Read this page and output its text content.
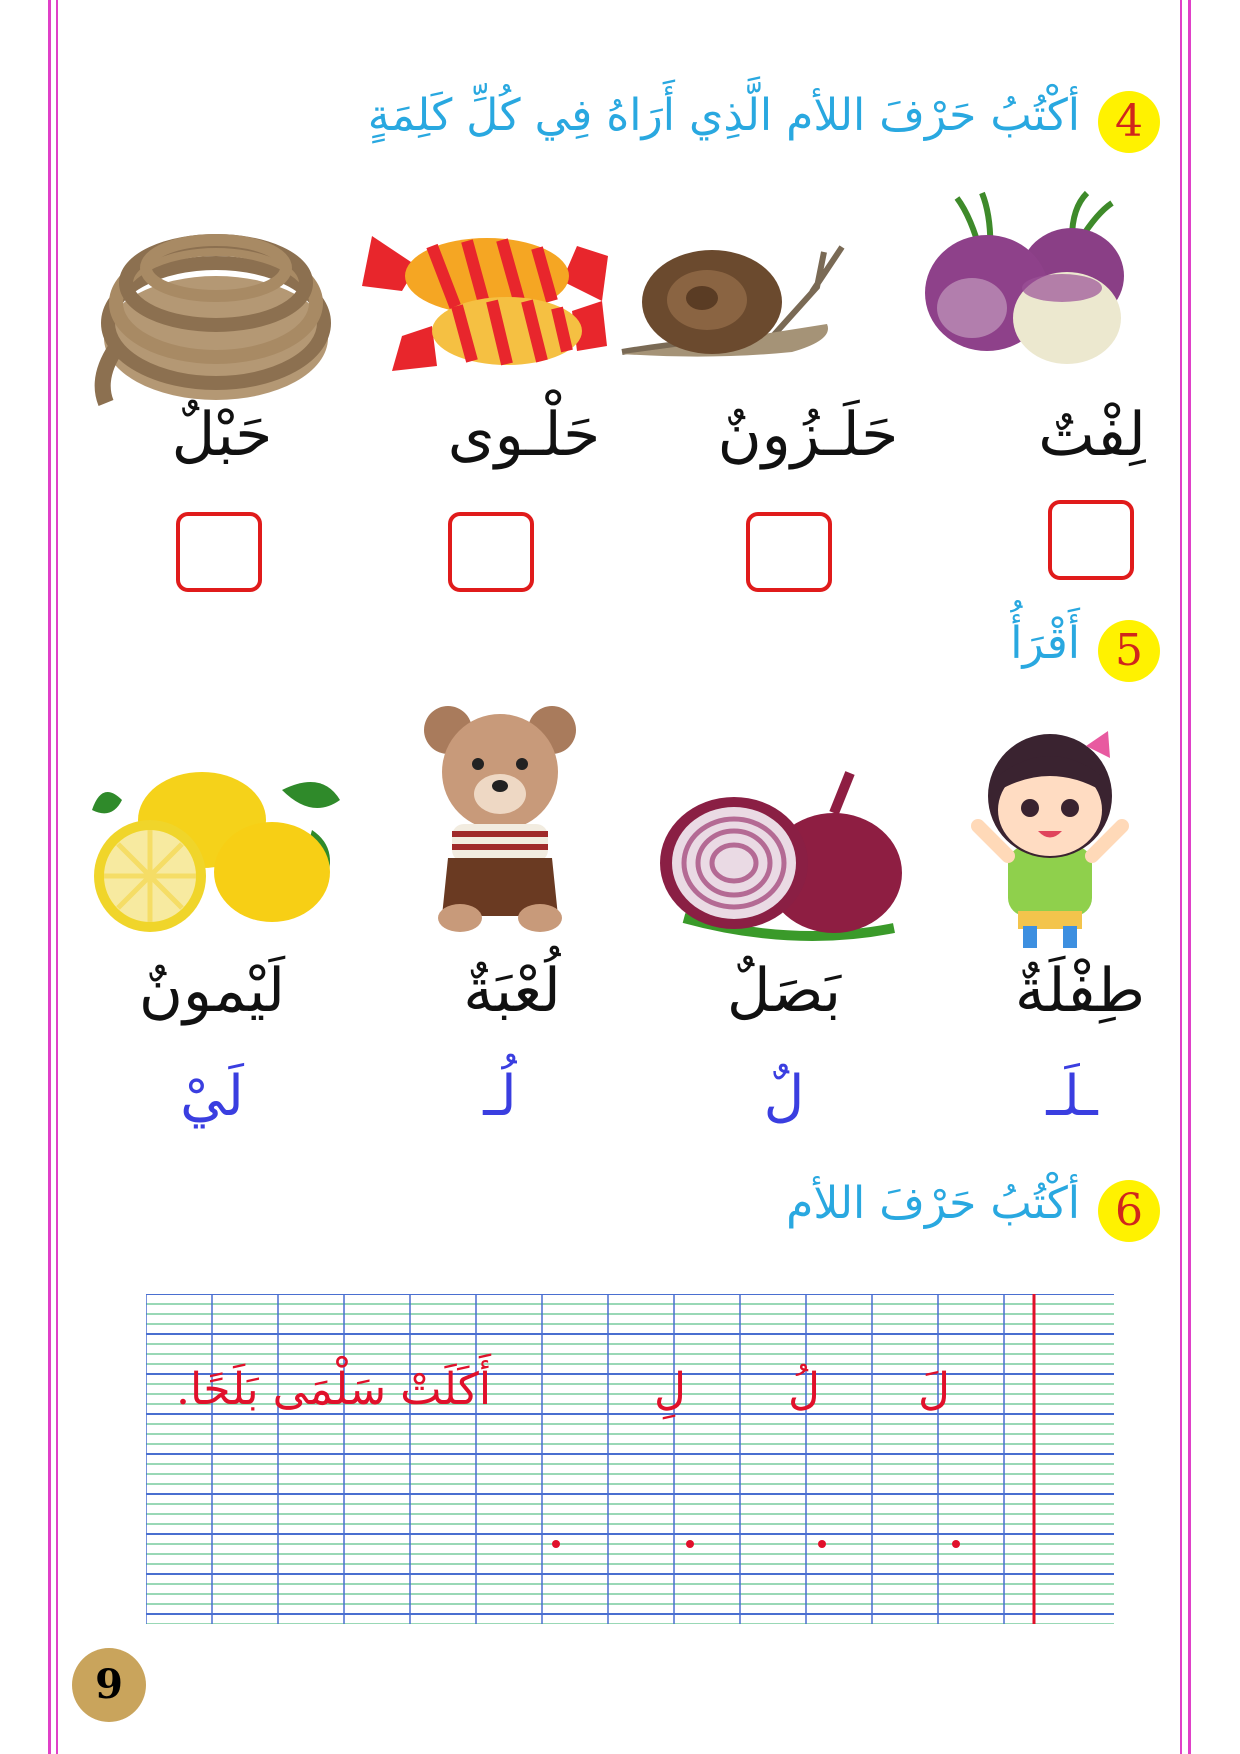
4
أكْتُبُ حَرْفَ اللأم الَّذِي أَرَاهُ فِي كُلِّ كَلِمَةٍ
لِفْتٌ
حَلَـزُونٌ
حَلْـوى
حَبْلٌ
5
أَقْرَأُ
طِفْلَةٌ
بَصَلٌ
لُعْبَةٌ
لَيْمونٌ
ـلَـ
لٌ
لُـ
لَيْ
6
أكْتُبُ حَرْفَ اللأم
لَ
لُ
لِ
أَكَلَتْ سَلْمَى بَلَحًا.
9
